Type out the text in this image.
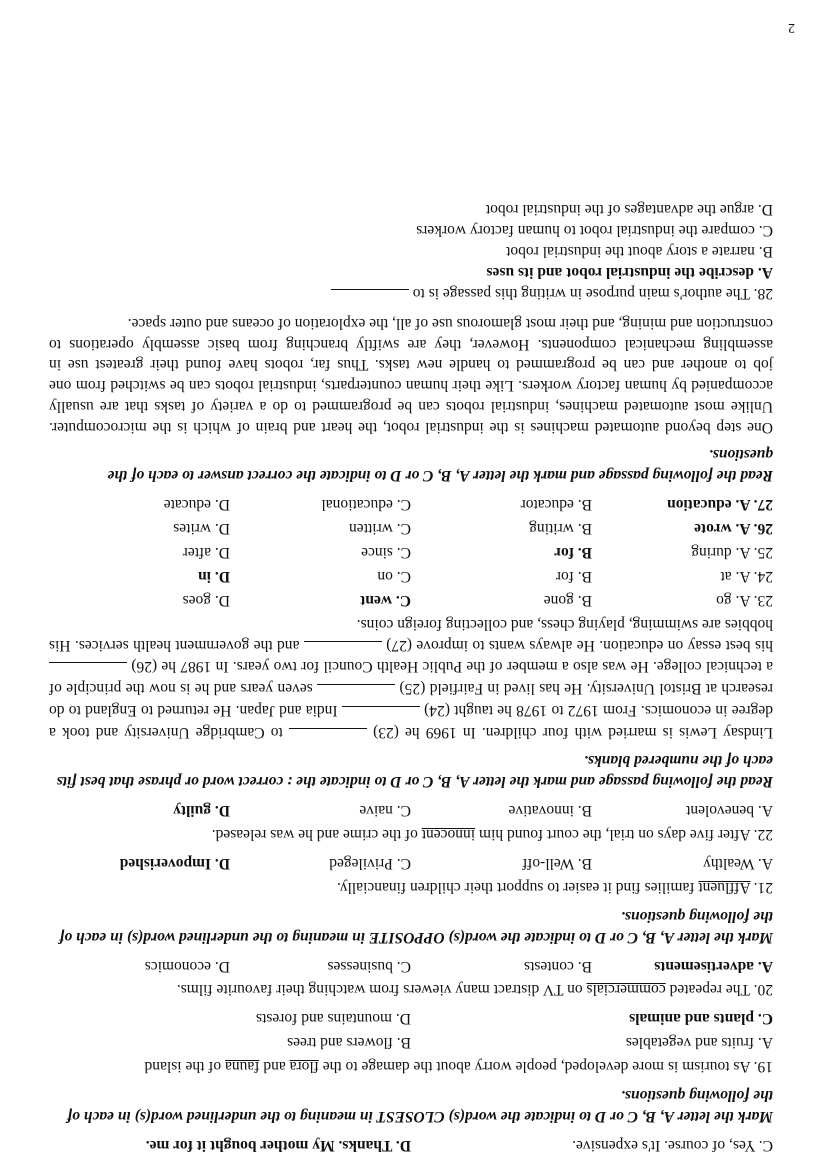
C. Yes, of course. It's expensive.
D. Thanks. My mother bought it for me.

Mark the letter A, B, C or D to indicate the word(s) CLOSEST in meaning to the underlined word(s) in each of the following questions.

19. As tourism is more developed, people worry about the damage to the flora and fauna of the island

A. fruits and vegetables
B. flowers and trees
C. plants and animals
D. mountains and forests

20. The repeated commercials on TV distract many viewers from watching their favourite films.

A. advertisements
B. contests
C. businesses
D. economics

Mark the letter A, B, C or D to indicate the word(s) OPPOSITE in meaning to the underlined word(s) in each of the following questions.

21. Affluent families find it easier to support their children financially.

A. Wealthy
B. Well-off
C. Privileged
D. Impoverished

22. After five days on trial, the court found him innocent of the crime and he was released.

A. benevolent
B. innovative
C. naive
D. guilty

Read the following passage and mark the letter A, B, C or D to indicate the : correct word or phrase that best fits each of the numbered blanks.

Lindsay Lewis is married with four children. In 1969 he (23)  to Cambridge University and took a degree in economics. From 1972 to 1978 he taught (24)  India and Japan. He returned to England to do research at Bristol University. He has lived in Fairfield (25)  seven years and he is now the principle of a technical college. He was also a member of the Public Health Council for two years. In 1987 he (26)  his best essay on education. He always wants to improve (27)  and the government health services. His hobbies are swimming, playing chess, and collecting foreign coins.

23. A. go
B. gone
C. went
D. goes
24. A. at
B. for
C. on
D. in
25. A. during
B. for
C. since
D. after
26. A. wrote
B. writing
C. written
D. writes
27. A. education
B. educator
C. educational
D. educate

Read the following passage and mark the letter A, B, C or D to indicate the correct answer to each of the questions.

One step beyond automated machines is the industrial robot, the heart and brain of which is the microcomputer. Unlike most automated machines, industrial robots can be programmed to do a variety of tasks that are usually accompanied by human factory workers. Like their human counterparts, industrial robots can be switched from one job to another and can be programmed to handle new tasks. Thus far, robots have found their greatest use in assembling mechanical components. However, they are swiftly branching from basic assembly operations to construction and mining, and their most glamorous use of all, the exploration of oceans and outer space.

28. The author's main purpose in writing this passage is to

A. describe the industrial robot and its uses

B. narrate a story about the industrial robot

C. compare the industrial robot to human factory workers

D. argue the advantages of the industrial robot

2
